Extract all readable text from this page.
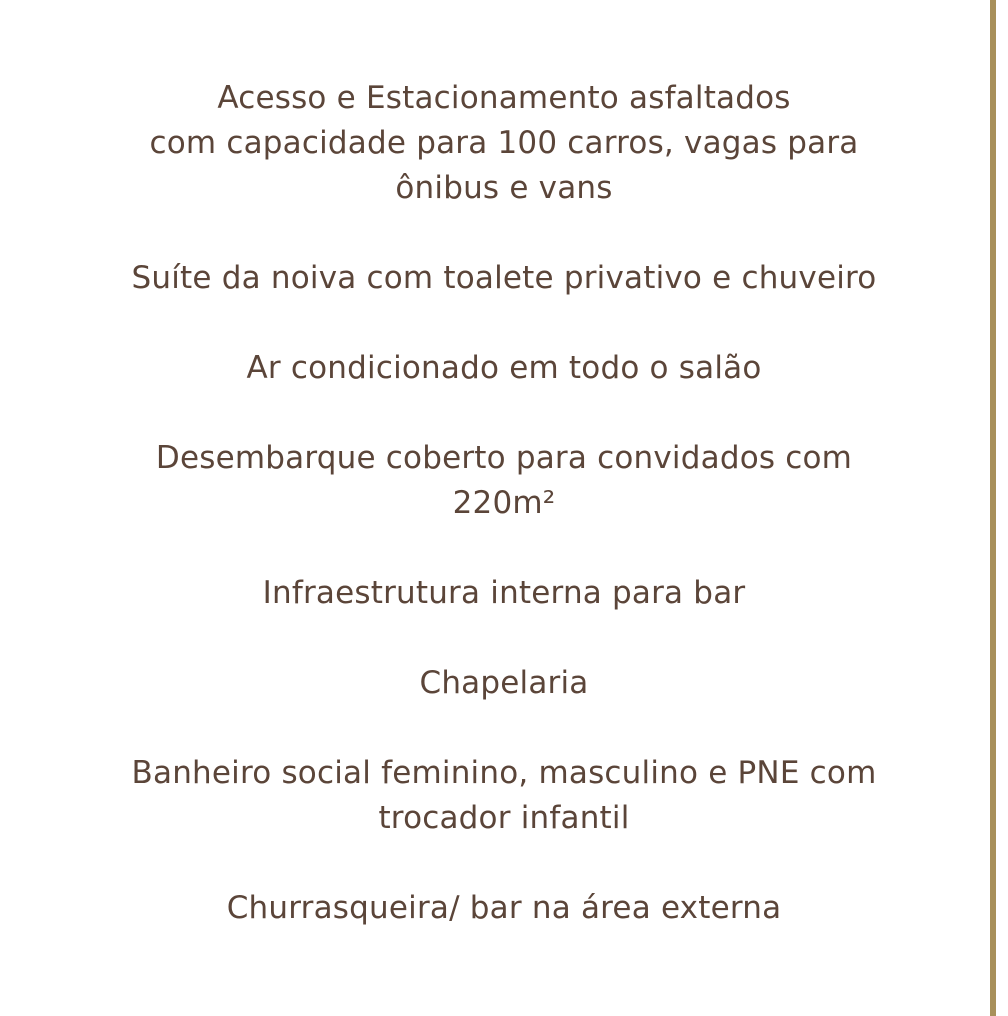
Acesso e Estacionamento asfaltados
com capacidade para 100 carros, vagas para
ônibus e vans
Suíte da noiva com toalete privativo e chuveiro
Ar condicionado em todo o salão
Desembarque coberto para convidados com
220m²
Infraestrutura interna para bar
Chapelaria
Banheiro social feminino, masculino e PNE com
trocador infantil
Churrasqueira/ bar na área externa
